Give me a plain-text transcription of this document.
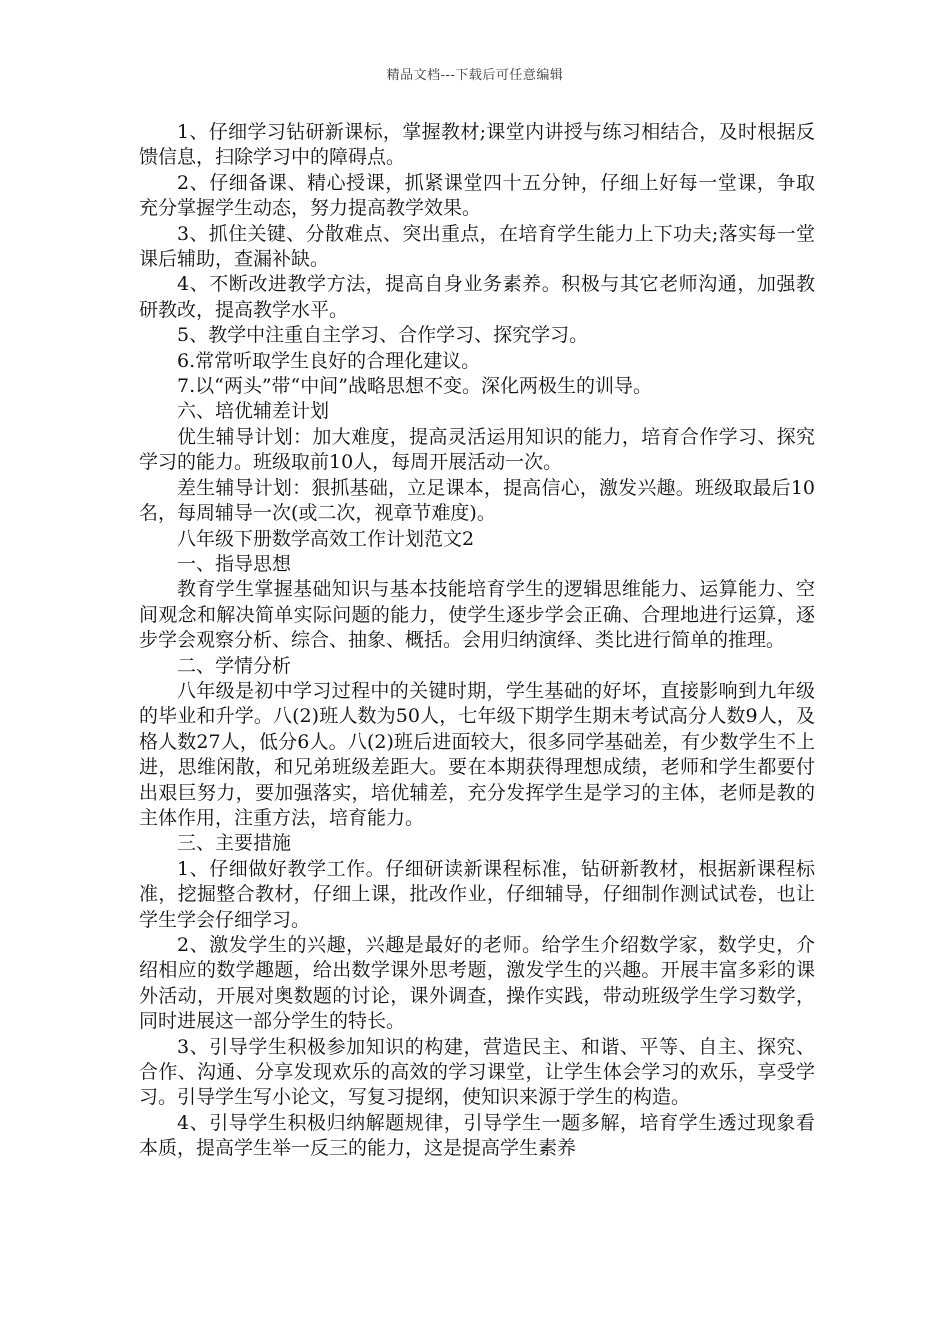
精品文档---下载后可任意编辑

1、仔细学习钻研新课标，掌握教材;课堂内讲授与练习相结合，及时根据反馈信息，扫除学习中的障碍点。

2、仔细备课、精心授课，抓紧课堂四十五分钟，仔细上好每一堂课，争取充分掌握学生动态，努力提高教学效果。

3、抓住关键、分散难点、突出重点，在培育学生能力上下功夫;落实每一堂课后辅助，查漏补缺。

4、不断改进教学方法，提高自身业务素养。积极与其它老师沟通，加强教研教改，提高教学水平。

5、教学中注重自主学习、合作学习、探究学习。

6.常常听取学生良好的合理化建议。

7.以“两头”带“中间”战略思想不变。深化两极生的训导。

六、培优辅差计划

优生辅导计划：加大难度，提高灵活运用知识的能力，培育合作学习、探究学习的能力。班级取前10人，每周开展活动一次。

差生辅导计划：狠抓基础，立足课本，提高信心，激发兴趣。班级取最后10名，每周辅导一次(或二次，视章节难度)。

八年级下册数学高效工作计划范文2

一、指导思想

教育学生掌握基础知识与基本技能培育学生的逻辑思维能力、运算能力、空间观念和解决简单实际问题的能力，使学生逐步学会正确、合理地进行运算，逐步学会观察分析、综合、抽象、概括。会用归纳演绎、类比进行简单的推理。

二、学情分析

八年级是初中学习过程中的关键时期，学生基础的好坏，直接影响到九年级的毕业和升学。八(2)班人数为50人，七年级下期学生期末考试高分人数9人，及格人数27人，低分6人。八(2)班后进面较大，很多同学基础差，有少数学生不上进，思维闲散，和兄弟班级差距大。要在本期获得理想成绩，老师和学生都要付出艰巨努力，要加强落实，培优辅差，充分发挥学生是学习的主体，老师是教的主体作用，注重方法，培育能力。

三、主要措施

1、仔细做好教学工作。仔细研读新课程标准，钻研新教材，根据新课程标准，挖掘整合教材，仔细上课，批改作业，仔细辅导，仔细制作测试试卷，也让学生学会仔细学习。

2、激发学生的兴趣，兴趣是最好的老师。给学生介绍数学家，数学史，介绍相应的数学趣题，给出数学课外思考题，激发学生的兴趣。开展丰富多彩的课外活动，开展对奥数题的讨论，课外调查，操作实践，带动班级学生学习数学，同时进展这一部分学生的特长。

3、引导学生积极参加知识的构建，营造民主、和谐、平等、自主、探究、合作、沟通、分享发现欢乐的高效的学习课堂，让学生体会学习的欢乐，享受学习。引导学生写小论文，写复习提纲，使知识来源于学生的构造。

4、引导学生积极归纳解题规律，引导学生一题多解，培育学生透过现象看本质，提高学生举一反三的能力，这是提高学生素养
